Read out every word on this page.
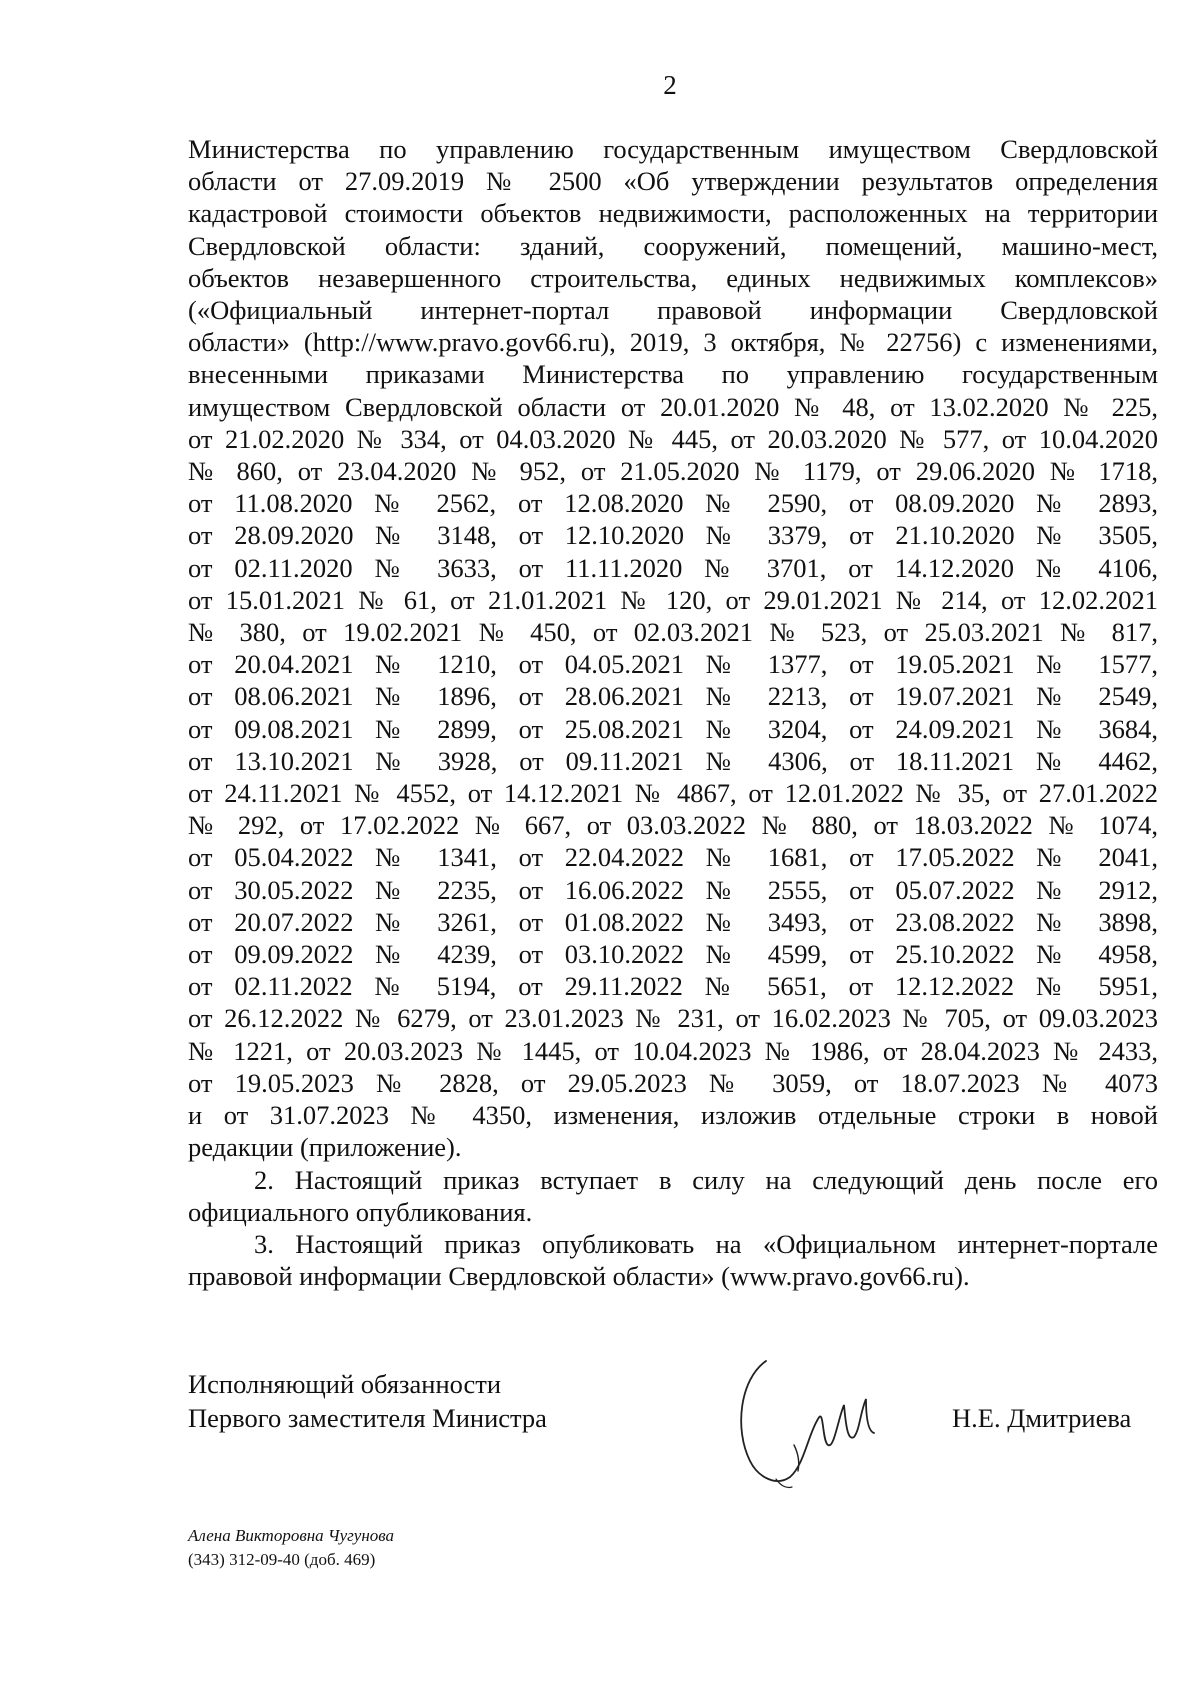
2

Министерства по управлению государственным имуществом Свердловской
области от 27.09.2019 № 2500 «Об утверждении результатов определения
кадастровой стоимости объектов недвижимости, расположенных на территории
Свердловской области: зданий, сооружений, помещений, машино-мест,
объектов незавершенного строительства, единых недвижимых комплексов»
(«Официальный интернет-портал правовой информации Свердловской
области» (http://www.pravo.gov66.ru), 2019, 3 октября, № 22756) с изменениями,
внесенными приказами Министерства по управлению государственным
имуществом Свердловской области от 20.01.2020 № 48, от 13.02.2020 № 225,
от 21.02.2020 № 334, от 04.03.2020 № 445, от 20.03.2020 № 577, от 10.04.2020
№ 860, от 23.04.2020 № 952, от 21.05.2020 № 1179, от 29.06.2020 № 1718,
от 11.08.2020 № 2562, от 12.08.2020 № 2590, от 08.09.2020 № 2893,
от 28.09.2020 № 3148, от 12.10.2020 № 3379, от 21.10.2020 № 3505,
от 02.11.2020 № 3633, от 11.11.2020 № 3701, от 14.12.2020 № 4106,
от 15.01.2021 № 61, от 21.01.2021 № 120, от 29.01.2021 № 214, от 12.02.2021
№ 380, от 19.02.2021 № 450, от 02.03.2021 № 523, от 25.03.2021 № 817,
от 20.04.2021 № 1210, от 04.05.2021 № 1377, от 19.05.2021 № 1577,
от 08.06.2021 № 1896, от 28.06.2021 № 2213, от 19.07.2021 № 2549,
от 09.08.2021 № 2899, от 25.08.2021 № 3204, от 24.09.2021 № 3684,
от 13.10.2021 № 3928, от 09.11.2021 № 4306, от 18.11.2021 № 4462,
от 24.11.2021 № 4552, от 14.12.2021 № 4867, от 12.01.2022 № 35, от 27.01.2022
№ 292, от 17.02.2022 № 667, от 03.03.2022 № 880, от 18.03.2022 № 1074,
от 05.04.2022 № 1341, от 22.04.2022 № 1681, от 17.05.2022 № 2041,
от 30.05.2022 № 2235, от 16.06.2022 № 2555, от 05.07.2022 № 2912,
от 20.07.2022 № 3261, от 01.08.2022 № 3493, от 23.08.2022 № 3898,
от 09.09.2022 № 4239, от 03.10.2022 № 4599, от 25.10.2022 № 4958,
от 02.11.2022 № 5194, от 29.11.2022 № 5651, от 12.12.2022 № 5951,
от 26.12.2022 № 6279, от 23.01.2023 № 231, от 16.02.2023 № 705, от 09.03.2023
№ 1221, от 20.03.2023 № 1445, от 10.04.2023 № 1986, от 28.04.2023 № 2433,
от 19.05.2023 № 2828, от 29.05.2023 № 3059, от 18.07.2023 № 4073
и от 31.07.2023 № 4350, изменения, изложив отдельные строки в новой
редакции (приложение).

2. Настоящий приказ вступает в силу на следующий день после его
официального опубликования.

3. Настоящий приказ опубликовать на «Официальном интернет-портале
правовой информации Свердловской области» (www.pravo.gov66.ru).

Исполняющий обязанности
Первого заместителя Министра	Н.Е. Дмитриева
Алена Викторовна Чугунова
(343) 312-09-40 (доб. 469)
